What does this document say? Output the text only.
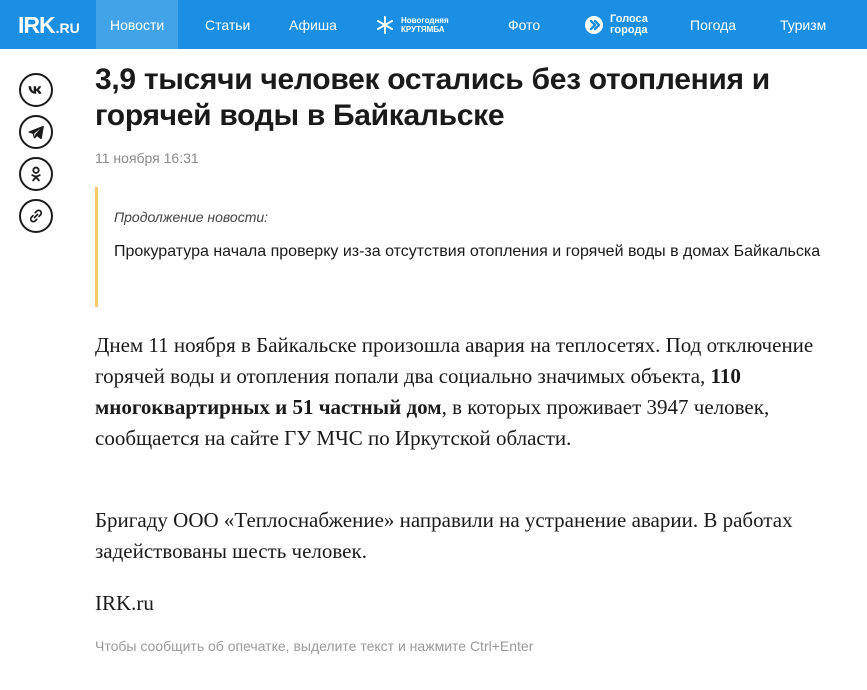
IRK .RU Новости	Статьи	Афиша	Новогодняя
КРУТЯМБА	Фото	Голоса
города	Погода	Туризм
3,9 тысячи человек остались без отопления и горячей воды в Байкальске
11 ноября 16:31
Продолжение новости:
Прокуратура начала проверку из-за отсутствия отопления и горячей воды в домах Байкальска

Днем 11 ноября в Байкальске произошла авария на теплосетях. Под отключение горячей воды и отопления попали два социально значимых объекта, 110 многоквартирных и 51 частный дом, в которых проживает 3947 человек, сообщается на сайте ГУ МЧС по Иркутской области.

Бригаду ООО «Теплоснабжение» направили на устранение аварии. В работах задействованы шесть человек.

IRK.ru

Чтобы сообщить об опечатке, выделите текст и нажмите Ctrl+Enter
